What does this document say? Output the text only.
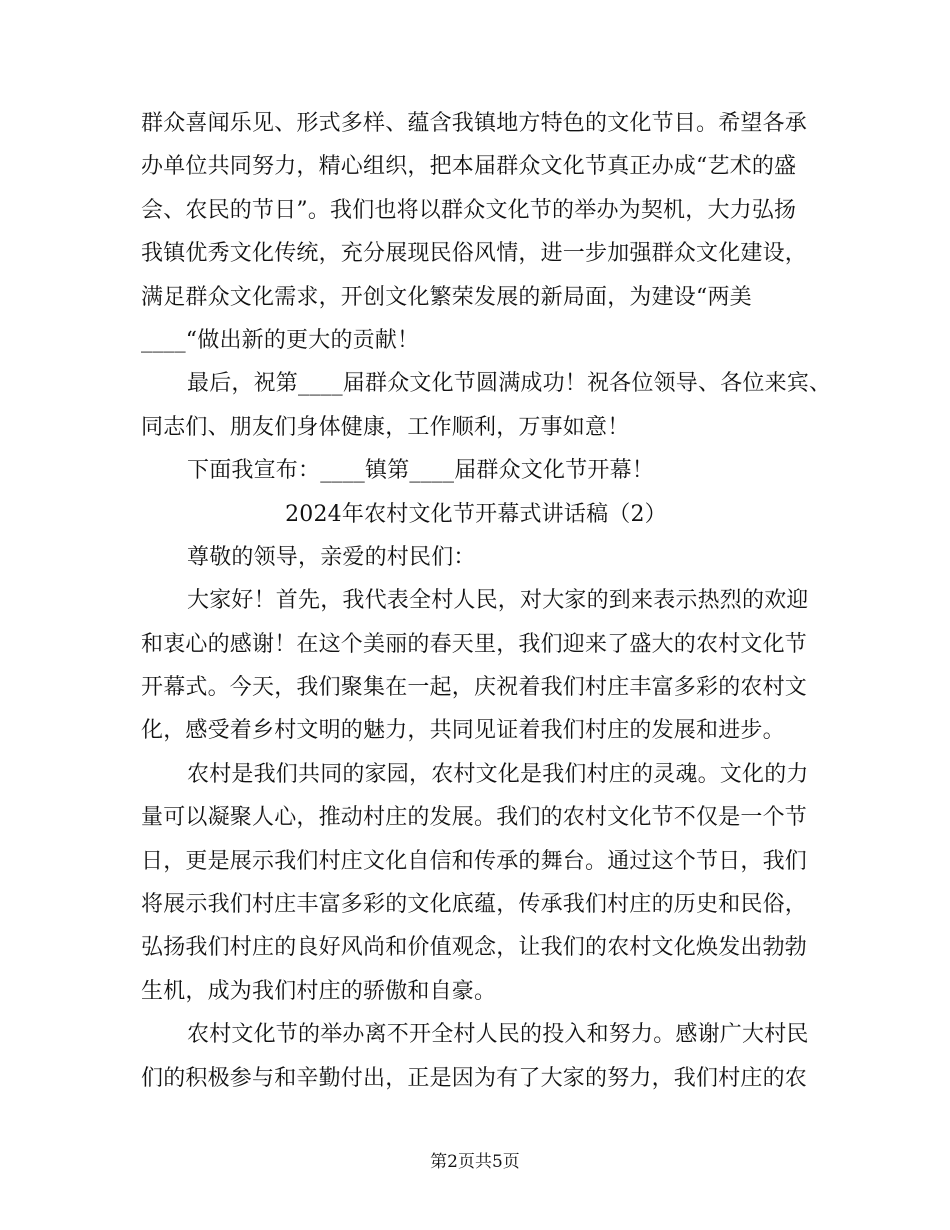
群众喜闻乐见、形式多样、蕴含我镇地方特色的文化节目。希望各承
办单位共同努力，精心组织，把本届群众文化节真正办成“艺术的盛
会、农民的节日”。我们也将以群众文化节的举办为契机，大力弘扬
我镇优秀文化传统，充分展现民俗风情，进一步加强群众文化建设，
满足群众文化需求，开创文化繁荣发展的新局面，为建设“两美
____“做出新的更大的贡献！
最后，祝第____届群众文化节圆满成功！祝各位领导、各位来宾、
同志们、朋友们身体健康，工作顺利，万事如意！
下面我宣布：____镇第____届群众文化节开幕！
2024年农村文化节开幕式讲话稿（2）
尊敬的领导，亲爱的村民们：
大家好！首先，我代表全村人民，对大家的到来表示热烈的欢迎
和衷心的感谢！在这个美丽的春天里，我们迎来了盛大的农村文化节
开幕式。今天，我们聚集在一起，庆祝着我们村庄丰富多彩的农村文
化，感受着乡村文明的魅力，共同见证着我们村庄的发展和进步。
农村是我们共同的家园，农村文化是我们村庄的灵魂。文化的力
量可以凝聚人心，推动村庄的发展。我们的农村文化节不仅是一个节
日，更是展示我们村庄文化自信和传承的舞台。通过这个节日，我们
将展示我们村庄丰富多彩的文化底蕴，传承我们村庄的历史和民俗，
弘扬我们村庄的良好风尚和价值观念，让我们的农村文化焕发出勃勃
生机，成为我们村庄的骄傲和自豪。
农村文化节的举办离不开全村人民的投入和努力。感谢广大村民
们的积极参与和辛勤付出，正是因为有了大家的努力，我们村庄的农
第2页共5页
